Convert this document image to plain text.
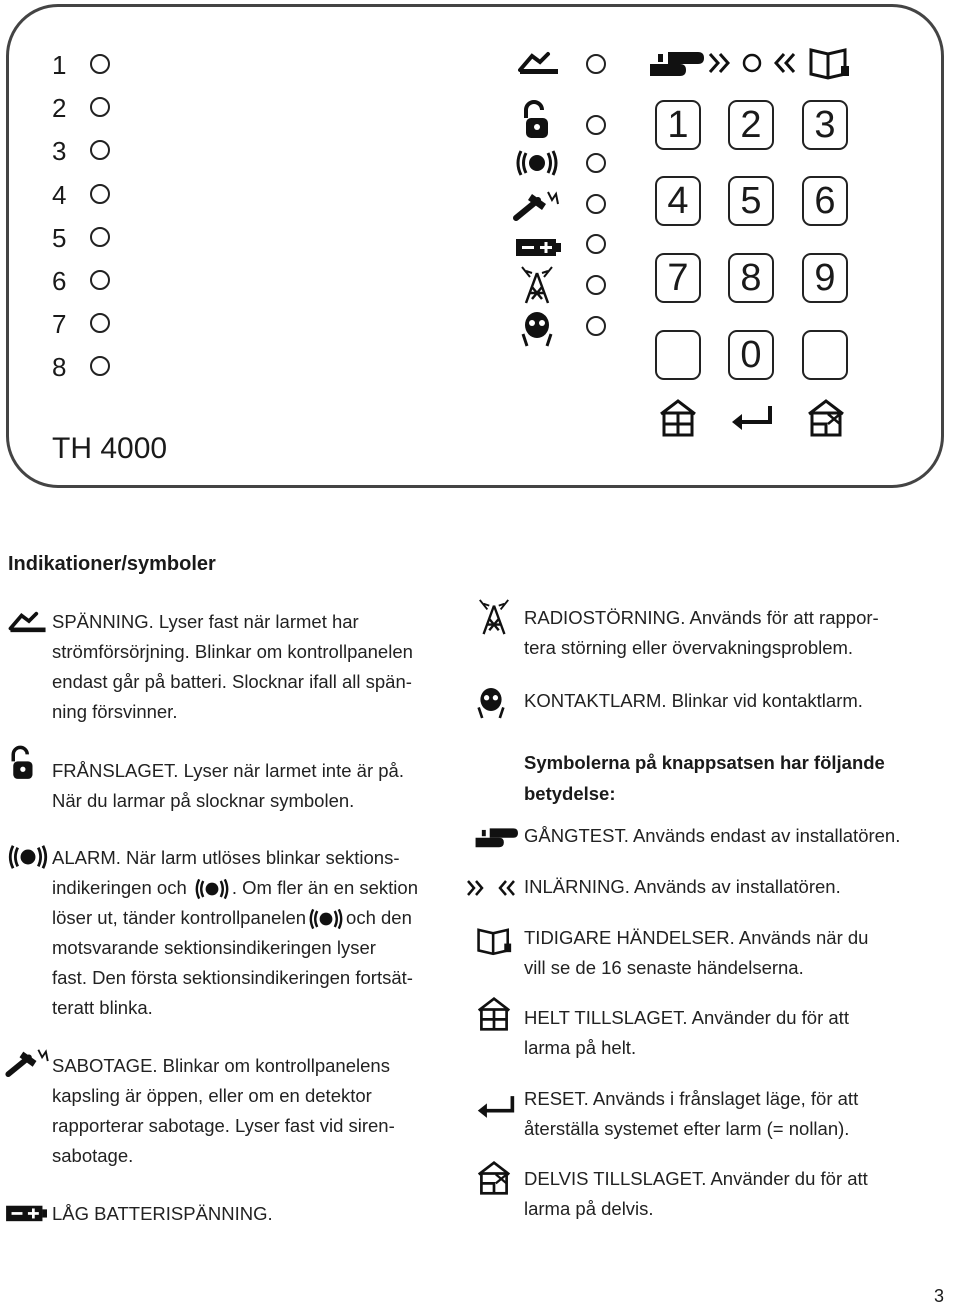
1
2
3
4
5
6
7
8
TH 4000
1	2	3
4	5	6
7	8	9
0
Indikationer/symboler

SPÄNNING. Lyser fast när larmet har

strömförsörjning. Blinkar om kontrollpanelen

endast går på batteri. Slocknar ifall all spän-

ning försvinner.

FRÅNSLAGET. Lyser när larmet inte är på.

När du larmar på slocknar symbolen.

ALARM. När larm utlöses blinkar sektions-

indikeringen och . Om fler än en sektion

löser ut, tänder kontrollpanelen och den

motsvarande sektionsindikeringen lyser

fast. Den första sektionsindikeringen fortsät-

teratt blinka.

SABOTAGE. Blinkar om kontrollpanelens

kapsling är öppen, eller om en detektor

rapporterar sabotage. Lyser fast vid siren-

sabotage.

LÅG BATTERISPÄNNING.

RADIOSTÖRNING. Används för att rappor-

tera störning eller övervakningsproblem.

KONTAKTLARM. Blinkar vid kontaktlarm.
Symbolerna på knappsatsen har följande
betydelse:
GÅNGTEST. Används endast av installatören.
INLÄRNING. Används av installatören.

TIDIGARE HÄNDELSER. Används när du

vill se de 16 senaste händelserna.

HELT TILLSLAGET. Använder du för att

larma på helt.

RESET. Används i frånslaget läge, för att

återställa systemet efter larm (= nollan).

DELVIS TILLSLAGET. Använder du för att

larma på delvis.

3
